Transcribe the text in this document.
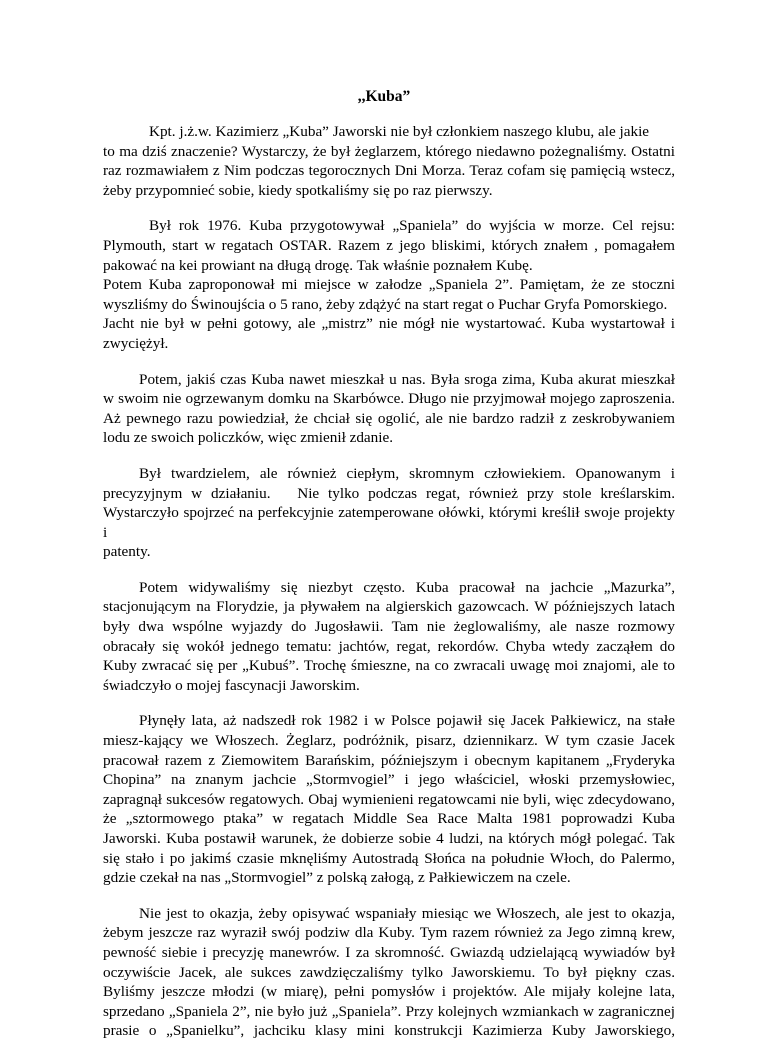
,,Kuba”

Kpt. j.ż.w. Kazimierz „Kuba” Jaworski nie był członkiem naszego klubu, ale jakie
to ma dziś znaczenie? Wystarczy, że był żeglarzem, którego niedawno pożegnaliśmy. Ostatni
raz rozmawiałem z Nim podczas tegorocznych Dni Morza. Teraz cofam się pamięcią wstecz,
żeby przypomnieć sobie, kiedy spotkaliśmy się po raz pierwszy.

Był rok 1976. Kuba przygotowywał „Spaniela” do wyjścia w morze. Cel rejsu:
Plymouth, start w regatach OSTAR. Razem z jego bliskimi, których znałem , pomagałem
pakować na kei prowiant na długą drogę. Tak właśnie poznałem Kubę.
Potem Kuba zaproponował mi miejsce w załodze „Spaniela 2”. Pamiętam, że ze stoczni
wyszliśmy do Świnoujścia o 5 rano, żeby zdążyć na start regat o Puchar Gryfa Pomorskiego.
Jacht nie był w pełni gotowy, ale „mistrz” nie mógł nie wystartować. Kuba wystartował i
zwyciężył.

Potem, jakiś czas Kuba nawet mieszkał u nas. Była sroga zima, Kuba akurat mieszkał
w swoim nie ogrzewanym domku na Skarbówce. Długo nie przyjmował mojego zaproszenia.
Aż pewnego razu powiedział, że chciał się ogolić, ale nie bardzo radził z zeskrobywaniem
lodu ze swoich policzków, więc zmienił zdanie.

Był twardzielem, ale również ciepłym, skromnym człowiekiem. Opanowanym i
precyzyjnym w działaniu.   Nie tylko podczas regat, również przy stole kreślarskim.
Wystarczyło spojrzeć na perfekcyjnie zatemperowane ołówki, którymi kreślił swoje projekty i
patenty.

Potem widywaliśmy się niezbyt często. Kuba pracował na jachcie „Mazurka”,
stacjonującym na Florydzie, ja pływałem na algierskich gazowcach. W późniejszych latach
były dwa wspólne wyjazdy do Jugosławii. Tam nie żeglowaliśmy, ale nasze rozmowy
obracały się wokół jednego tematu: jachtów, regat, rekordów. Chyba wtedy zacząłem do
Kuby zwracać się per „Kubuś”. Trochę śmieszne, na co zwracali uwagę moi znajomi, ale to
świadczyło o mojej fascynacji Jaworskim.

Płynęły lata, aż nadszedł rok 1982 i w Polsce pojawił się Jacek Pałkiewicz, na stałe
miesz-kający we Włoszech. Żeglarz, podróżnik, pisarz, dziennikarz. W tym czasie Jacek
pracował razem z Ziemowitem Barańskim, późniejszym i obecnym kapitanem „Fryderyka
Chopina” na znanym jachcie „Stormvogiel” i jego właściciel, włoski przemysłowiec,
zapragnął sukcesów regatowych. Obaj wymienieni regatowcami nie byli, więc zdecydowano,
że „sztormowego ptaka” w regatach Middle Sea Race Malta 1981 poprowadzi Kuba
Jaworski. Kuba postawił warunek, że dobierze sobie 4 ludzi, na których mógł polegać. Tak
się stało i po jakimś czasie mknęliśmy Autostradą Słońca na południe Włoch, do Palermo,
gdzie czekał na nas „Stormvogiel” z polską załogą, z Pałkiewiczem na czele.

Nie jest to okazja, żeby opisywać wspaniały miesiąc we Włoszech, ale jest to okazja,
żebym jeszcze raz wyraził swój podziw dla Kuby. Tym razem również za Jego zimną krew,
pewność siebie i precyzję manewrów. I za skromność. Gwiazdą udzielającą wywiadów był
oczywiście Jacek, ale sukces zawdzięczaliśmy tylko Jaworskiemu. To był piękny czas.
Byliśmy jeszcze młodzi (w miarę), pełni pomysłów i projektów. Ale mijały kolejne lata,
sprzedano „Spaniela 2”, nie było już „Spaniela”. Przy kolejnych wzmiankach w zagranicznej
prasie o „Spanielku”, jachciku klasy mini konstrukcji Kazimierza Kuby Jaworskiego,
